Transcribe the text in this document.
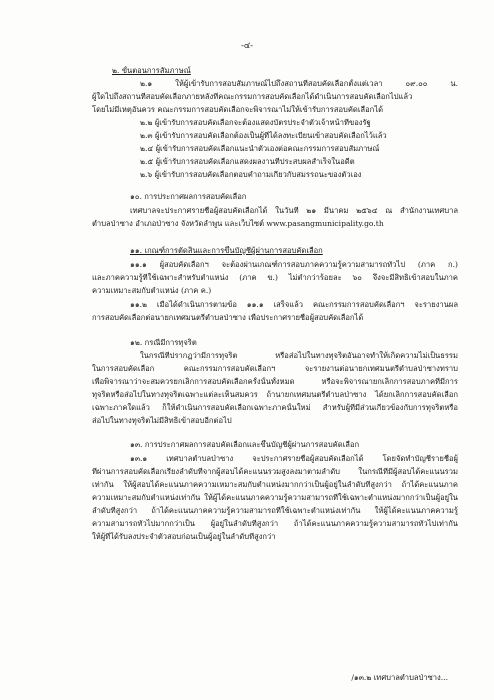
-๔-
๒. ขั้นตอนการสัมภาษณ์
๒.๑ ให้ผู้เข้ารับการสอบสัมภาษณ์ไปถึงสถานที่สอบคัดเลือกตั้งแต่เวลา ๐๙.๐๐ น.
ผู้ใดไปถึงสถานที่สอบคัดเลือกภายหลังที่คณะกรรมการสอบคัดเลือกได้ดำเนินการสอบคัดเลือกไปแล้ว
โดยไม่มีเหตุอันควร คณะกรรมการสอบคัดเลือกจะพิจารณาไม่ให้เข้ารับการสอบคัดเลือกได้
๒.๒ ผู้เข้ารับการสอบคัดเลือกจะต้องแสดงบัตรประจำตัวเจ้าหน้าที่ของรัฐ
๒.๓ ผู้เข้ารับการสอบคัดเลือกต้องเป็นผู้ที่ได้ลงทะเบียนเข้าสอบคัดเลือกไว้แล้ว
๒.๔ ผู้เข้ารับการสอบคัดเลือกแนะนำตัวเองต่อคณะกรรมการสอบสัมภาษณ์
๒.๕ ผู้เข้ารับการสอบคัดเลือกแสดงผลงานที่ประสบผลสำเร็จในอดีต
๒.๖ ผู้เข้ารับการสอบคัดเลือกตอบคำถามเกี่ยวกับสมรรถนะของตัวเอง
๑๐. การประกาศผลการสอบคัดเลือก
เทศบาลจะประกาศรายชื่อผู้สอบคัดเลือกได้ ในวันที่ ๒๑ มีนาคม ๒๕๖๔ ณ สำนักงานเทศบาล
ตำบลป่าซาง อำเภอป่าซาง จังหวัดลำพูน และเว็บไซต์ www.pasangmunicipality.go.th
๑๑. เกณฑ์การตัดสินและการขึ้นบัญชีผู้ผ่านการสอบคัดเลือก
๑๑.๑ ผู้สอบคัดเลือกฯ จะต้องผ่านเกณฑ์การสอบภาคความรู้ความสามารถทั่วไป (ภาค ก.)
และภาคความรู้ที่ใช้เฉพาะสำหรับตำแหน่ง (ภาค ข.) ไม่ต่ำกว่าร้อยละ ๖๐ จึงจะมีสิทธิเข้าสอบในภาค
ความเหมาะสมกับตำแหน่ง (ภาค ค.)
๑๑.๒ เมื่อได้ดำเนินการตามข้อ ๑๑.๑ เสร็จแล้ว คณะกรรมการสอบคัดเลือกฯ จะรายงานผล
การสอบคัดเลือกต่อนายกเทศมนตรีตำบลป่าซาง เพื่อประกาศรายชื่อผู้สอบคัดเลือกได้
๑๒. กรณีมีการทุจริต
ในกรณีที่ปรากฏว่ามีการทุจริต หรือส่อไปในทางทุจริตอันอาจทำให้เกิดความไม่เป็นธรรม
ในการสอบคัดเลือก คณะกรรมการสอบคัดเลือกฯ จะรายงานต่อนายกเทศมนตรีตำบลป่าซางทราบ
เพื่อพิจารณาว่าจะสมควรยกเลิกการสอบคัดเลือกครั้งนั้นทั้งหมด หรือจะพิจารณายกเลิกการสอบภาคที่มีการ
ทุจริตหรือส่อไปในทางทุจริตเฉพาะแต่ละเห็นสมควร ถ้านายกเทศมนตรีตำบลป่าซาง ได้ยกเลิกการสอบคัดเลือก
เฉพาะภาคใดแล้ว ก็ให้ดำเนินการสอบคัดเลือกเฉพาะภาคนั้นใหม่ สำหรับผู้ที่มีส่วนเกี่ยวข้องกับการทุจริตหรือ
ส่อไปในทางทุจริตไม่มีสิทธิเข้าสอบอีกต่อไป
๑๓. การประกาศผลการสอบคัดเลือกและขึ้นบัญชีผู้ผ่านการสอบคัดเลือก
๑๓.๑ เทศบาลตำบลป่าซาง จะประกาศรายชื่อผู้สอบคัดเลือกได้ โดยจัดทำบัญชีรายชื่อผู้
ที่ผ่านการสอบคัดเลือกเรียงลำดับที่จากผู้สอบได้คะแนนรวมสูงลงมาตามลำดับ ในกรณีที่มีผู้สอบได้คะแนนรวม
เท่ากัน ให้ผู้สอบได้คะแนนภาคความเหมาะสมกับตำแหน่งมากกว่าเป็นผู้อยู่ในลำดับที่สูงกว่า ถ้าได้คะแนนภาค
ความเหมาะสมกับตำแหน่งเท่ากัน ให้ผู้ได้คะแนนภาคความรู้ความสามารถที่ใช้เฉพาะตำแหน่งมากกว่าเป็นผู้อยู่ใน
ลำดับที่สูงกว่า ถ้าได้คะแนนภาคความรู้ความสามารถที่ใช้เฉพาะตำแหน่งเท่ากัน ให้ผู้ได้คะแนนภาคความรู้
ความสามารถทั่วไปมากกว่าเป็น ผู้อยู่ในลำดับที่สูงกว่า ถ้าได้คะแนนภาคความรู้ความสามารถทั่วไปเท่ากัน
ให้ผู้ที่ได้รับลงประจำตัวสอบก่อนเป็นผู้อยู่ในลำดับที่สูงกว่า
/๑๓.๒ เทศบาลตำบลป่าซาง...
